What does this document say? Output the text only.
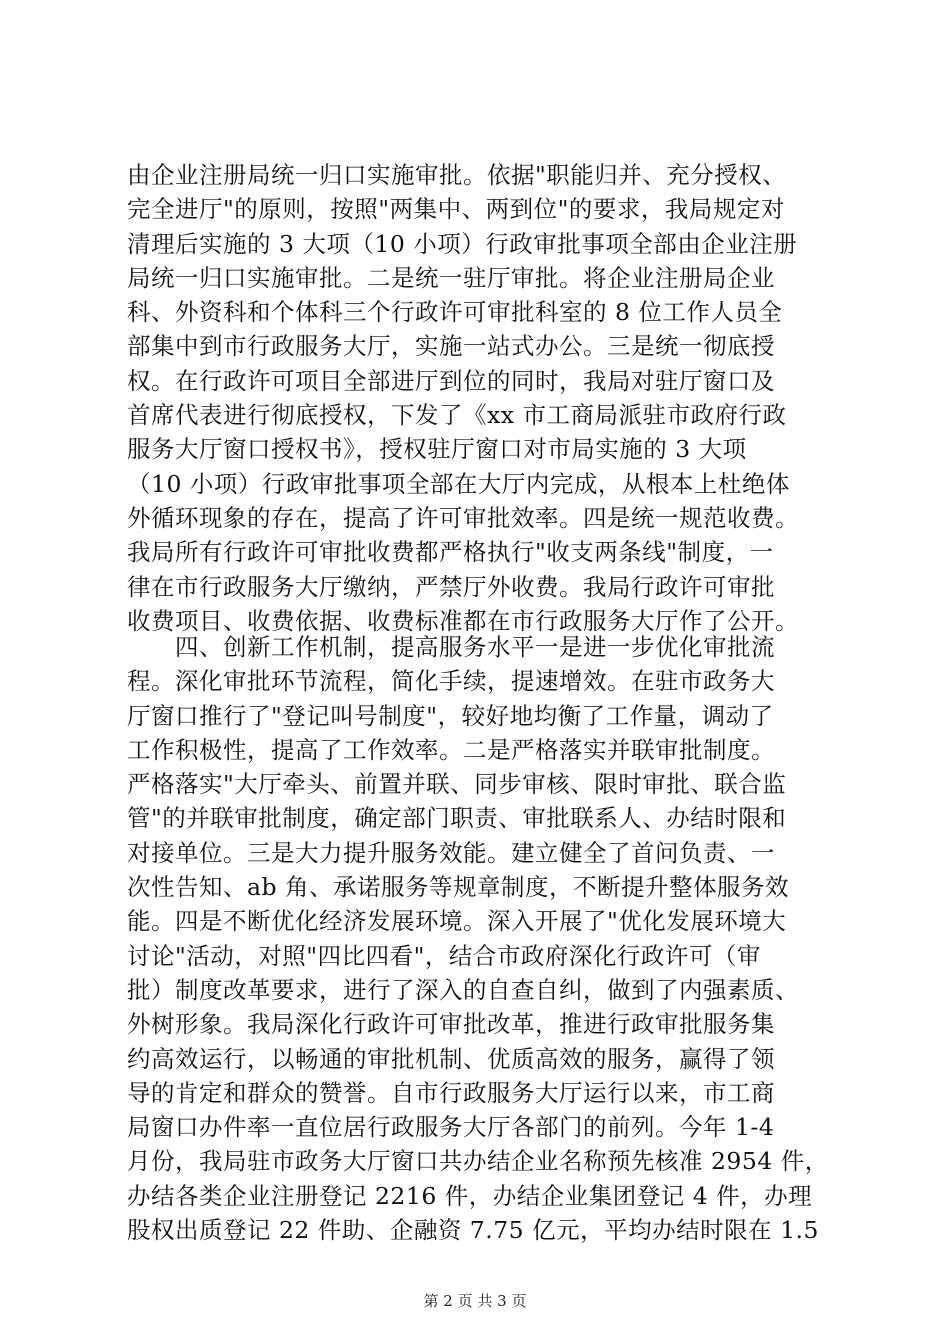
由企业注册局统一归口实施审批。依据"职能归并、充分授权、
完全进厅"的原则，按照"两集中、两到位"的要求，我局规定对
清理后实施的 3 大项（10 小项）行政审批事项全部由企业注册
局统一归口实施审批。二是统一驻厅审批。将企业注册局企业
科、外资科和个体科三个行政许可审批科室的 8 位工作人员全
部集中到市行政服务大厅，实施一站式办公。三是统一彻底授
权。在行政许可项目全部进厅到位的同时，我局对驻厅窗口及
首席代表进行彻底授权，下发了《xx 市工商局派驻市政府行政
服务大厅窗口授权书》，授权驻厅窗口对市局实施的 3 大项
（10 小项）行政审批事项全部在大厅内完成，从根本上杜绝体
外循环现象的存在，提高了许可审批效率。四是统一规范收费。
我局所有行政许可审批收费都严格执行"收支两条线"制度，一
律在市行政服务大厅缴纳，严禁厅外收费。我局行政许可审批
收费项目、收费依据、收费标准都在市行政服务大厅作了公开。
　　四、创新工作机制，提高服务水平一是进一步优化审批流
程。深化审批环节流程，简化手续，提速增效。在驻市政务大
厅窗口推行了"登记叫号制度"，较好地均衡了工作量，调动了
工作积极性，提高了工作效率。二是严格落实并联审批制度。
严格落实"大厅牵头、前置并联、同步审核、限时审批、联合监
管"的并联审批制度，确定部门职责、审批联系人、办结时限和
对接单位。三是大力提升服务效能。建立健全了首问负责、一
次性告知、ab 角、承诺服务等规章制度，不断提升整体服务效
能。四是不断优化经济发展环境。深入开展了"优化发展环境大
讨论"活动，对照"四比四看"，结合市政府深化行政许可（审
批）制度改革要求，进行了深入的自查自纠，做到了内强素质、
外树形象。我局深化行政许可审批改革，推进行政审批服务集
约高效运行，以畅通的审批机制、优质高效的服务，赢得了领
导的肯定和群众的赞誉。自市行政服务大厅运行以来，市工商
局窗口办件率一直位居行政服务大厅各部门的前列。今年 1-4
月份，我局驻市政务大厅窗口共办结企业名称预先核准 2954 件，
办结各类企业注册登记 2216 件，办结企业集团登记 4 件，办理
股权出质登记 22 件助、企融资 7.75 亿元，平均办结时限在 1.5
第 2 页 共 3 页
